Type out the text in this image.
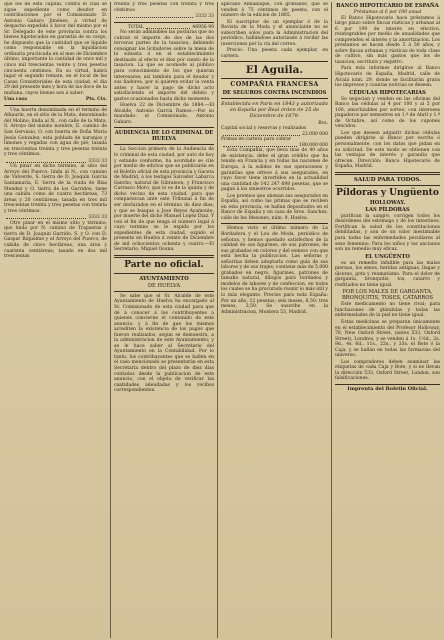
que los de esta capital, contra el cual se sigue expediente como deudor en contribuciones por el Comisionado D. Antonio Gabaro Jiménez, á virtud de despacho expedido á favor del mismo por el Sr. Delegado de este provincia contra los bienes hipotecados en garantía de su cargo, he dispuesto que la cantidad que se liquide como responsable en la liquidacion ordinaria practicada en el mes de Diciembre último, importante la cantidad de once mil y cinco mil trescientas veinte y tres pesetas cincuenta céntimos. En su virtud, habrá lugar el segundo remate, en el local de las Casas Consistoriales de esta ciudad, el dia 29 del presente mes y hora de las doce de la mañana, cuyos bienes son á saber:

Una casa	Pts. Cts.

Una huerta denominada en el termino de Alhaurin, en el sitio de la Mata, denominado del Molino; linda al N., con calle de la Mata, S. Arroyo del mismo nombre; E. camino de San Gervasio, O. con huerta de Doña María Jesús Gonzalez; está poblada de naranjos y limones y regadas con agua de pié; tasada en trescientas treinta y tres pesetas treinta y tres céntimos.

3333 33

Un pinar en dicho término, al sitio del Arroyo del Puerco; linda al N., con camino de Valverde, S. tierra de D. Joaquin Garcia Santamaría, E. tierra de la viuda de Blas Mendez y O. tierra de los Garridos; tiene una cabida como de cuatro hectáreas, 73 áreas y 20 centiáreas; tasada en tres mil trescientas treinta y tres pesetas con treinta y tres céntimos.

3333 33

Otro pinar en el mismo sitio y término; que linda por N. camino de Trapaeras y tierra de D. Joaquin Garrido, S. y O. con D. Gaspar Riquelme y el Arroyo del Puerco, de cabida de cinco hectáreas, una área y cuarenta centiáreas; tasado en dos mil trescientas

treinta y tres pesetas con treinta y tres céntimos

3333 33
TOTAL	46956 99

No serán admisibles las posturas que no cubran el importe de dos de las dos terceras partes de la tasacion; debiendo consignar los licitadores sobre la mesa de la subasta ó en el establecimiento destinado al efecto el diez por ciento de la tasacion. La que se acomode al público para conocimiento de los que quieran interesarse; así también para el deudor y sus fiadores, por si quieren evitar la venta antes y hacer la pago de dicho acto satisfaciendo el importe del débito y gastos ocasionados hasta dicho momento.

Huelva 22 de Diciembre de 1884.—El Alcalde, Antonio García Ramos.—Por su mandado: el Comisionado, Antonio Gabaro.

AUDIENCIA DE LO CRIMINAL DE HUELVA

La Seccion primera de la Audiencia de lo criminal de esta ciudad, por auto de hoy y estando conforme, ha acordado se cite por medio de edictos que se publicarán en el Boletin oficial de esta provincia y Gaceta de Madrid, á los testigos Salvador Labarca Sancho, natural de Gibraleon, y Francisco Carrasco Moro, que lo es de la quinta y de dicho vecino de esta ciudad, para que comparezcan ante este Tribunal á fin de ser declarados en el término de diez dias; y que se busque a Jose Reyes Ayamonte, por muerte del dicho Manuel Lopez Diaz. Y con el fin de que tenga el número legal á cuyo termino se le expida por los expedientes de esta ciudad, expido el presente en Huelva á veinte de Diciembre de mil ochocientos ochenta y cuatro.—El Secretario, Miguel Osuna.

Parte no oficial.
AYUNTAMIENTO
DE HUELVA

Se sabe que el Sr. Alcalde de este Ayuntamiento de Huelva ha encargado al Sr. Comisionado de esta ciudad para que dé á conocer á los contribuyentes a quienes concierne el contenido de este anuncio, y á fin de que los mismos acrediten la existencia de los pagos que fueron realizados, segun se demuestra, a la administracion de este Ayuntamiento; y se le hace saber al Secretario del Ayuntamiento en la Contabilidad. Por lo tanto, los contribuyentes que se hallen en el caso mencionado se presentarán en esta Secretaría dentro del plazo de diez días contados desde la publicacion de este anuncio, con el objeto de verificar las cantidades adeudadas y los recibos correspondientes.

aplicado Almanaque, con grabados, que se venden á 75 céntimos de peseta, con el número de la edicion de 1885.

El suscriptor de un ejemplar ó de la Revista de la Moda y el anunciante no se subscriben solos para la Administracion del periódico, hallándose autorizado á recibir las inserciones por la vía del correo.

Precio: Una peseta cada ejemplar, en cartera.

El Aguila.
COMPAÑIA FRANCESA
DE SEGUROS CONTRA INCENDIOS

Establecida en París en 1843 y autorizada en España por Real órden de 25 de Diciembre de 1879.

Rvs.
Capital social y reservas y realizados
22.000 000
Primas en cartera para cobrar
180.000 000

Esta Compañía, que lleva mas de 40 años de existencia, debe el gran crédito que ha tenido en Francia y en todas las naciones de Europa, á la solidez de sus operaciones y garantías que ofrece á sus asegurados, en cuyo favor tiene invertidos en la actualidad una cantidad de 142 247 698 pesetas, que se pagan á los siniestros ocurridos.

Los premios que abonan sus asegurados en España, así como las primas que se reciben en esta provincia, se hallan depositados en el Banco de España y en casa de Sres. Sanchez, calle de los Mesones, núm. 9, Huelva.

Hemos visto el último número de La Bordadora y el Lou de Moda, periódico de señoras, y hemos quedado satisfechos de la calidad de sus figurines, de sus patrones, de sus grabados en colores y del esmero con que está hecha la publicacion. Las señoras y señoritas deben adoptarla como guía de sus labores y de sus trajes; contiene más de 5.000 grabados en negro, figurines, patrones de tamaño natural, dibujos para bordados y modelos de labores y de confeccion, en todos los cuales se ha procurado reunir lo más útil y lo más elegante. Precios para toda España: Por un año, 12 pesetas; seis meses, 6,50; tres meses, 3,50. Se suscribe en la Administracion, Montera 53, Madrid.

BANCO HIPOTECARIO DE ESPAÑA
Préstamos al 6 por 100 anual

El Banco Hipotecario hace préstamos á largo plazo sobre fincas rústicas y urbanas al 6 por 100 de interés en efectivo, reintegrables por medio de anualidades que comprenden el interés y la amortizacion. Los préstamos se hacen desde 5 á 50 años, y sobre fincas urbanas y rústicas de toda clase de cultivo, sin más gastos que los de tasacion, escritura y registro.

Para más informes dirigirse al Banco Hipotecario de España, Madrid, calle de Alcalá núm. 29, donde se facilitarán gratis los impresos y cuantas noticias se deseen.

CÉDULAS HIPOTECARIAS

Se negocian y venden en las oficinas del Banco las cédulas al 4 por 100 y al 5 por 100, amortizables por sorteo, con intereses pagaderos por semestres en 1.º de Abril y 1.º de Octubre, así como de los cupones vencidos.

Los que deseen adquirir dichas cédulas pueden dirigirse al Banco por escrito ó personalmente, con los datos que pidan en su solicitud. De este modo se obtienen con las ventajas de interés y garantía que ofrecen. Dirección: Banco Hipotecario de España, Madrid.

SALUD PARA TODOS.
Píldoras y Ungüento
HOLLOWAY.
LAS PÍLDORAS

purifican la sangre, corrigen todos los desórdenes del estómago y de los intestinos. Fortifican la salud de los constituciones debilitadas, y son de un valor inestimable para todas las enfermedades peculiares al sexo femenino. Para los niños y los ancianos son un remedio muy eficaz.

EL UNGÜENTO

es un remedio infalible para las malas piernas, los senos, heridas antiguas, llagas y úlceras, gota y reumatismo. Para el dolor de garganta, bronquitis, tos, catarro y resfriados no tiene igual.

POR LOS MALES DE GARGANTA, BRONQUITIS, TOSES, CATARROS

Este medicamento no tiene rival; para hinchazones de glándulas y todas las enfermedades de la piel no tiene igual.

Estas medicinas se preparan únicamente en el establecimiento del Profesor Holloway, 78, New Oxford Street, (antes 533, Oxford Street), Londres, y se venden á 1s. 1½d., 2s. 9d., 4s. 6d., 11s., 22s., y 33s. el Bote ó la Caja, y se hallan en todas las farmacias del universo.

Los compradores deben examinar las etiquetas de cada Caja y Bote, y si no llevan la dirección 533, Oxford Street, London, son falsificaciones.

Imprenta del Boletin Oficial.
